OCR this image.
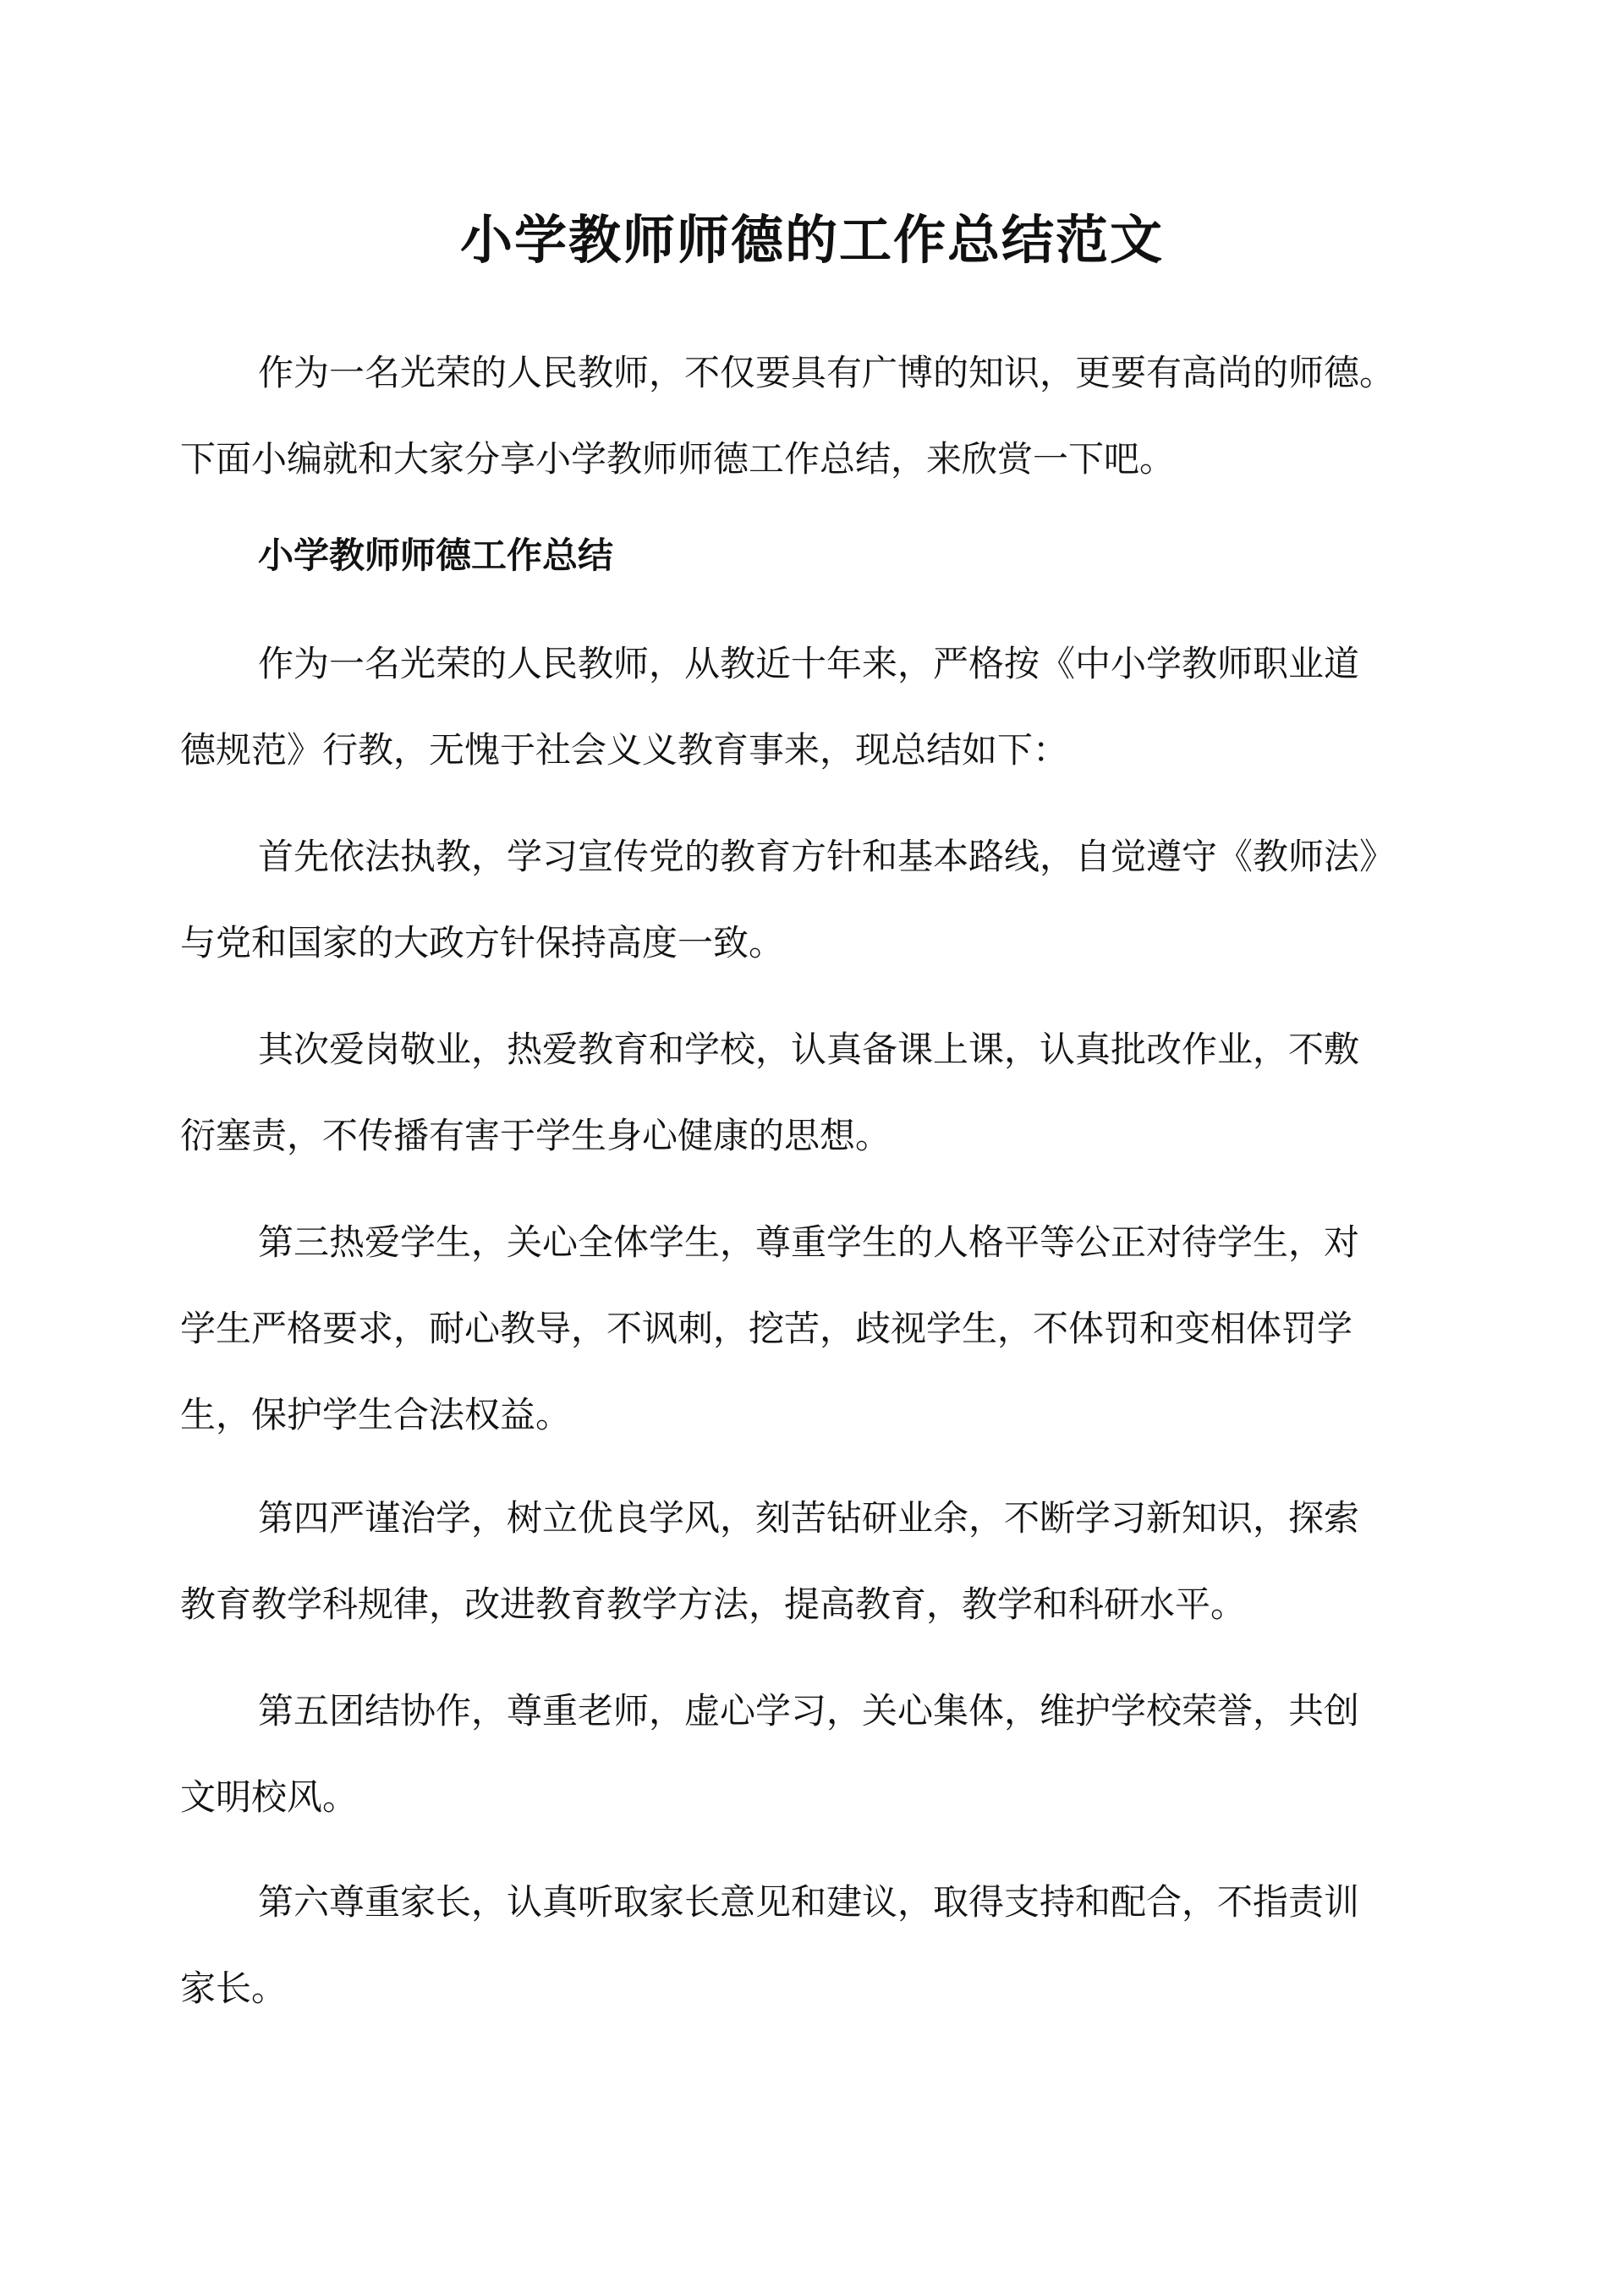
小学教师师德的工作总结范文

作为一名光荣的人民教师，不仅要具有广博的知识，更要有高尚的师德。
下面小编就和大家分享小学教师师德工作总结，来欣赏一下吧。

小学教师师德工作总结

作为一名光荣的人民教师，从教近十年来，严格按《中小学教师职业道
德规范》行教，无愧于社会义义教育事来，现总结如下：

首先依法执教，学习宣传党的教育方针和基本路线，自觉遵守《教师法》
与党和国家的大政方针保持高度一致。

其次爱岗敬业，热爱教育和学校，认真备课上课，认真批改作业，不敷
衍塞责，不传播有害于学生身心健康的思想。

第三热爱学生，关心全体学生，尊重学生的人格平等公正对待学生，对
学生严格要求，耐心教导，不讽刺，挖苦，歧视学生，不体罚和变相体罚学
生，保护学生合法权益。

第四严谨治学，树立优良学风，刻苦钻研业余，不断学习新知识，探索
教育教学科规律，改进教育教学方法，提高教育，教学和科研水平。

第五团结协作，尊重老师，虚心学习，关心集体，维护学校荣誉，共创
文明校风。

第六尊重家长，认真听取家长意见和建议，取得支持和配合，不指责训
家长。
